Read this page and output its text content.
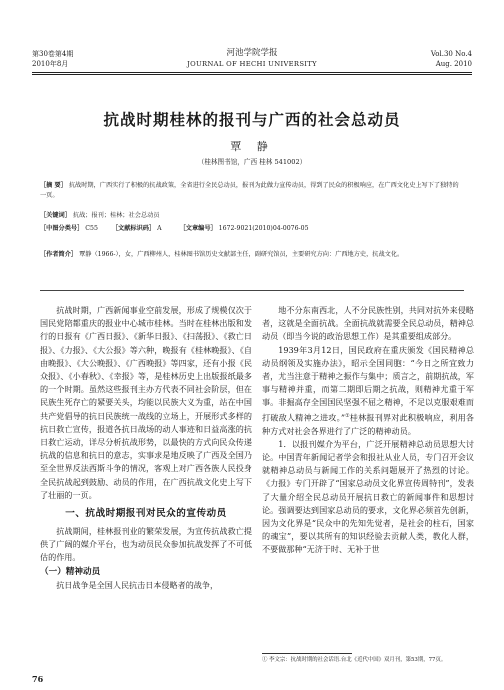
第30卷第4期
2010年8月
河池学院学报
JOURNAL OF HECHI UNIVERSITY
Vol.30 No.4
Aug. 2010
抗战时期桂林的报刊与广西的社会总动员
覃 静
（桂林图书馆，广西 桂林 541002）
［摘 要］ 抗战时期，广西实行了积极的抗战政策，全省进行全民总动员，报刊为此做力宣传动员，得到了民众的积极响应，在广西文化史上写下了独特的一页。
［关键词］ 抗战；报刊；桂林；社会总动员
［中图分类号］ C55 ［文献标识码］ A	［文章编号］ 1672-9021(2010)04-0076-05
［作者简介］ 覃静（1966-），女，广西柳州人，桂林图书馆历史文献部主任，副研究馆员，主要研究方向：广西地方史，抗战文化。

抗战时期，广西新闻事业空前发展，形成了规模仅次于国民党陪都重庆的报业中心城市桂林。当时在桂林出版和发行的日报有《广西日报》、《新华日报》、《扫荡报》、《救亡日报》、《力报》、《大公报》等六种，晚报有《桂林晚报》、《自由晚报》、《大公晚报》、《广西晚报》等四家，还有小报《民众报》、《小春秋》、《幸报》等，是桂林历史上出版报纸最多的一个时期。虽然这些报刊主办方代表不同社会阶层，但在民族生死存亡的紧要关头，均能以民族大义为重，站在中国共产党倡导的抗日民族统一战线的立场上，开展形式多样的抗日救亡宣传，报道各抗日战场的动人事迹和日益高涨的抗日救亡运动，详尽分析抗战形势，以最快的方式向民众传递抗战的信息和抗日的意志，实事求是地反映了广西及全国乃至全世界反法西斯斗争的情况，客观上对广西各族人民投身全民抗战起到鼓励、动员的作用，在广西抗战文化史上写下了壮丽的一页。

一、抗战时期报刊对民众的宣传动员

抗战期间，桂林报刊业的繁荣发展，为宣传抗战救亡提供了广阔的媒介平台，也为动员民众参加抗战发挥了不可低估的作用。

（一）精神动员

抗日战争是全国人民抗击日本侵略者的战争，

76

地不分东南西北，人不分民族性别，共同对抗外来侵略者，这就是全面抗战。全面抗战就需要全民总动员，精神总动员（即当今说的政治思想工作）是其重要组成部分。

1939年3月12日，国民政府在重庆颁发《国民精神总动员纲领及实施办法》，昭示全国同胞：“今日之所宜致力者，尤当注意于精神之振作与集中；质言之，前期抗战，军事与精神并重，而第二期即后期之抗战，则精神尤重于军事。非掘高存全国国民坚强不屈之精神，不足以克服艰难而打破敌人精神之进攻。”①桂林报刊界对此积极响应，利用各种方式对社会各界进行了广泛的精神动员。

1．以报刊媒介为平台，广泛开展精神总动员思想大讨论。中国青年新闻记者学会和报社从业人员，专门召开会议就精神总动员与新闻工作的关系问题展开了热烈的讨论。《力报》专门开辟了“国家总动员文化界宣传周特刊”，发表了大量介绍全民总动员开展抗日救亡的新闻事件和思想讨论。强调要达到国家总动员的要求，文化界必须首先创新，因为文化界是“民众中的先知先觉者，是社会的柱石，国家的魂宝”，要以其所有的知识经验去贡献人类，教化人群，不要做那种“无济于时、无补于世

① 李文宗：抗战时期的社会话语.台北《近代中国》双月刊，第53期，77页。
